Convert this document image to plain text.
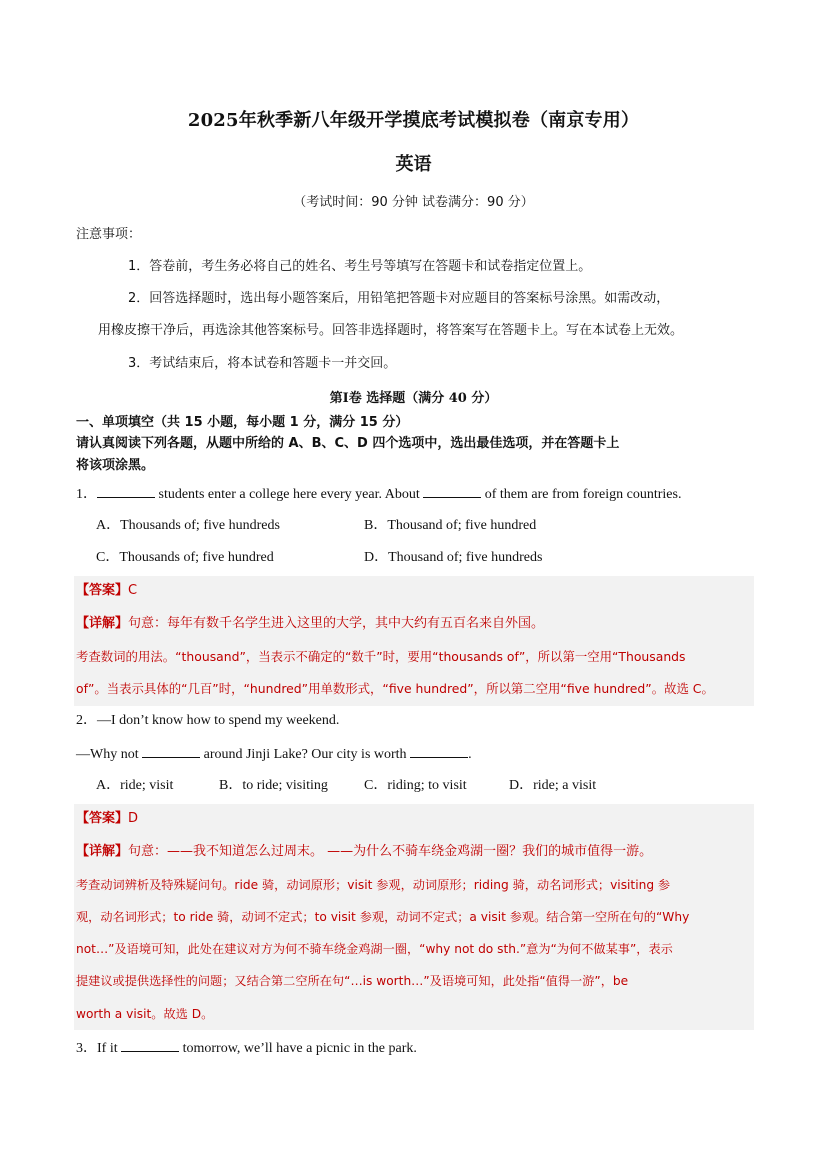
2025年秋季新八年级开学摸底考试模拟卷（南京专用）
英语
（考试时间：90 分钟 试卷满分：90 分）
注意事项：
1．答卷前，考生务必将自己的姓名、考生号等填写在答题卡和试卷指定位置上。
2．回答选择题时，选出每小题答案后，用铅笔把答题卡对应题目的答案标号涂黑。如需改动，
用橡皮擦干净后，再选涂其他答案标号。回答非选择题时，将答案写在答题卡上。写在本试卷上无效。
3．考试结束后，将本试卷和答题卡一并交回。
第Ⅰ卷 选择题（满分 40 分）
一、单项填空（共 15 小题，每小题 1 分，满分 15 分）
请认真阅读下列各题，从题中所给的 A、B、C、D 四个选项中，选出最佳选项，并在答题卡上
将该项涂黑。
1．	students enter a college here every year. About	of them are from foreign countries.
A．Thousands of; five hundreds	B．Thousand of; five hundred
C．Thousands of; five hundred	D．Thousand of; five hundreds
【答案】C
【详解】句意：每年有数千名学生进入这里的大学，其中大约有五百名来自外国。
考查数词的用法。“thousand”，当表示不确定的“数千”时，要用“thousands of”，所以第一空用“Thousands
of”。当表示具体的“几百”时，“hundred”用单数形式，“five hundred”，所以第二空用“five hundred”。故选 C。
2．—I don’t know how to spend my weekend.
—Why not	around Jinji Lake? Our city is worth	.
A．ride; visit	B．to ride; visiting	C．riding; to visit	D．ride; a visit
【答案】D
【详解】句意：——我不知道怎么过周末。 ——为什么不骑车绕金鸡湖一圈？我们的城市值得一游。
考查动词辨析及特殊疑问句。ride 骑，动词原形；visit 参观，动词原形；riding 骑，动名词形式；visiting 参
观，动名词形式；to ride 骑，动词不定式；to visit 参观，动词不定式；a visit 参观。结合第一空所在句的“Why
not…”及语境可知，此处在建议对方为何不骑车绕金鸡湖一圈，“why not do sth.”意为“为何不做某事”，表示
提建议或提供选择性的问题；又结合第二空所在句“…is worth…”及语境可知，此处指“值得一游”，be
worth a visit。故选 D。
3．If it	tomorrow, we’ll have a picnic in the park.
